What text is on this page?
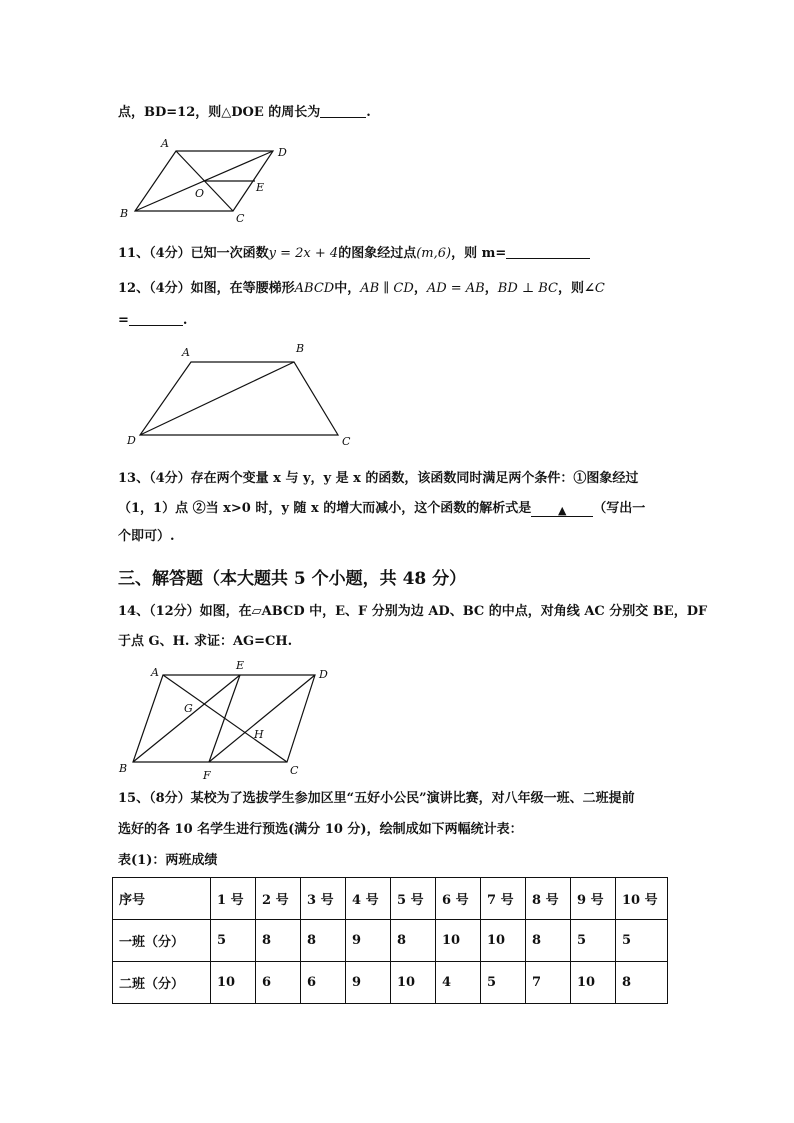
点，BD=12，则△DOE 的周长为	.
A
D
B	C
O	E
11、（4分）已知一次函数y = 2x + 4的图象经过点(m,6)，则 m=
12、（4分）如图，在等腰梯形ABCD中，AB ∥ CD，AD = AB，BD ⊥ BC，则∠C
=	.
A	B
D	C
13、（4分）存在两个变量 x 与 y，y 是 x 的函数，该函数同时满足两个条件：①图象经过
（1，1）点 ②当 x>0 时，y 随 x 的增大而减小，这个函数的解析式是 ▲ （写出一
个即可）.
三、解答题（本大题共 5 个小题，共 48 分）
14、（12分）如图，在▱ABCD 中，E、F 分别为边 AD、BC 的中点，对角线 AC 分别交 BE，DF
于点 G、H. 求证：AG=CH.
A
E
D
G
H
B
F	C
15、（8分）某校为了选拔学生参加区里“五好小公民”演讲比赛，对八年级一班、二班提前
选好的各 10 名学生进行预选(满分 10 分)，绘制成如下两幅统计表：
表(1)：两班成绩
序号	1 号	2 号	3 号	4 号	5 号	6 号	7 号	8 号	9 号	10 号
一班（分）	5	8	8	9	8	10	10	8	5	5
二班（分）	10	6	6	9	10	4	5	7	10	8
